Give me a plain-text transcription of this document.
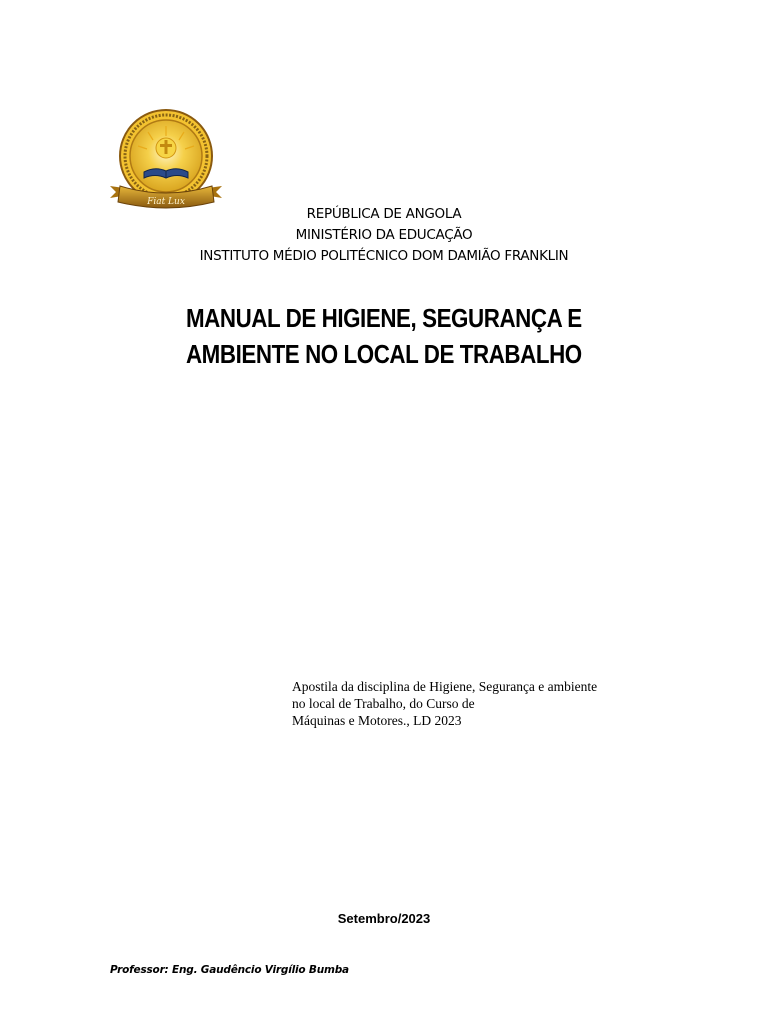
Fiat Lux
REPÚBLICA DE ANGOLA
MINISTÉRIO DA EDUCAÇÃO
INSTITUTO MÉDIO POLITÉCNICO DOM DAMIÃO FRANKLIN
MANUAL DE HIGIENE, SEGURANÇA E
AMBIENTE NO LOCAL DE TRABALHO
Apostila da disciplina de Higiene, Segurança e ambiente
no local de Trabalho, do Curso de
Máquinas e Motores., LD 2023
Setembro/2023
Professor: Eng. Gaudêncio Virgílio Bumba
